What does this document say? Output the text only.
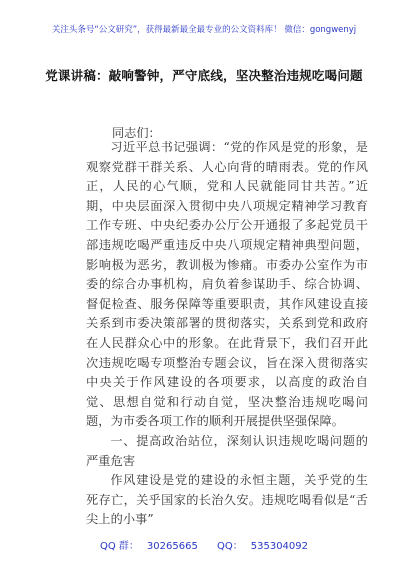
关注头条号“公文研究”，获得最新最全最专业的公文资料库！ 微信：gongwenyj
党课讲稿：敲响警钟，严守底线，坚决整治违规吃喝问题
同志们：

习近平总书记强调：“党的作风是党的形象，是观察党群干群关系、人心向背的晴雨表。党的作风正，人民的心气顺，党和人民就能同甘共苦。”近期，中央层面深入贯彻中央八项规定精神学习教育工作专班、中央纪委办公厅公开通报了多起党员干部违规吃喝严重违反中央八项规定精神典型问题，影响极为恶劣，教训极为惨痛。市委办公室作为市委的综合办事机构，肩负着参谋助手、综合协调、督促检查、服务保障等重要职责，其作风建设直接关系到市委决策部署的贯彻落实，关系到党和政府在人民群众心中的形象。在此背景下，我们召开此次违规吃喝专项整治专题会议，旨在深入贯彻落实中央关于作风建设的各项要求，以高度的政治自觉、思想自觉和行动自觉，坚决整治违规吃喝问题，为市委各项工作的顺利开展提供坚强保障。

一、提高政治站位，深刻认识违规吃喝问题的严重危害

作风建设是党的建设的永恒主题，关乎党的生死存亡，关乎国家的长治久安。违规吃喝看似是“舌尖上的小事”

QQ 群： 30265665 QQ： 535304092
